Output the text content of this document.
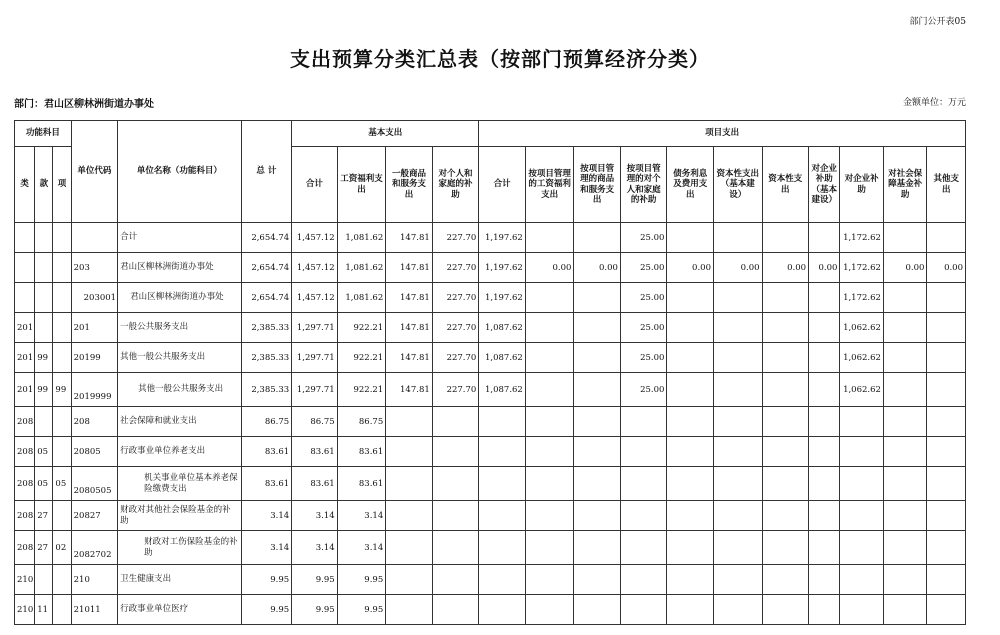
部门公开表05
支出预算分类汇总表（按部门预算经济分类）
部门：君山区柳林洲街道办事处	金额单位：万元
功能科目			单位代码	单位名称（功能科目）	总 计	基本支出				项目支出										
类	款	项				合计	工资福利支出	一般商品和服务支出	对个人和家庭的补助	合计	按项目管理的工资福利支出	按项目管理的商品和服务支出	按项目管理的对个人和家庭的补助	债务利息及费用支出	资本性支出（基本建设）	资本性支出	对企业补助（基本建设）	对企业补助	对社会保障基金补助	其他支出
				合计	2,654.74	1,457.12	1,081.62	147.81	227.70	1,197.62			25.00					1,172.62		
			203	君山区柳林洲街道办事处	2,654.74	1,457.12	1,081.62	147.81	227.70	1,197.62	0.00	0.00	25.00	0.00	0.00	0.00	0.00	1,172.62	0.00	0.00
			203001	君山区柳林洲街道办事处	2,654.74	1,457.12	1,081.62	147.81	227.70	1,197.62			25.00					1,172.62		
201			201	一般公共服务支出	2,385.33	1,297.71	922.21	147.81	227.70	1,087.62			25.00					1,062.62		
201	99		20199	其他一般公共服务支出	2,385.33	1,297.71	922.21	147.81	227.70	1,087.62			25.00					1,062.62		
201	99	99	2019999	其他一般公共服务支出	2,385.33	1,297.71	922.21	147.81	227.70	1,087.62			25.00					1,062.62		
208			208	社会保障和就业支出	86.75	86.75	86.75													
208	05		20805	行政事业单位养老支出	83.61	83.61	83.61													
208	05	05	2080505	机关事业单位基本养老保险缴费支出	83.61	83.61	83.61													
208	27		20827	财政对其他社会保险基金的补助	3.14	3.14	3.14													
208	27	02	2082702	财政对工伤保险基金的补助	3.14	3.14	3.14													
210			210	卫生健康支出	9.95	9.95	9.95													
210	11		21011	行政事业单位医疗	9.95	9.95	9.95													
